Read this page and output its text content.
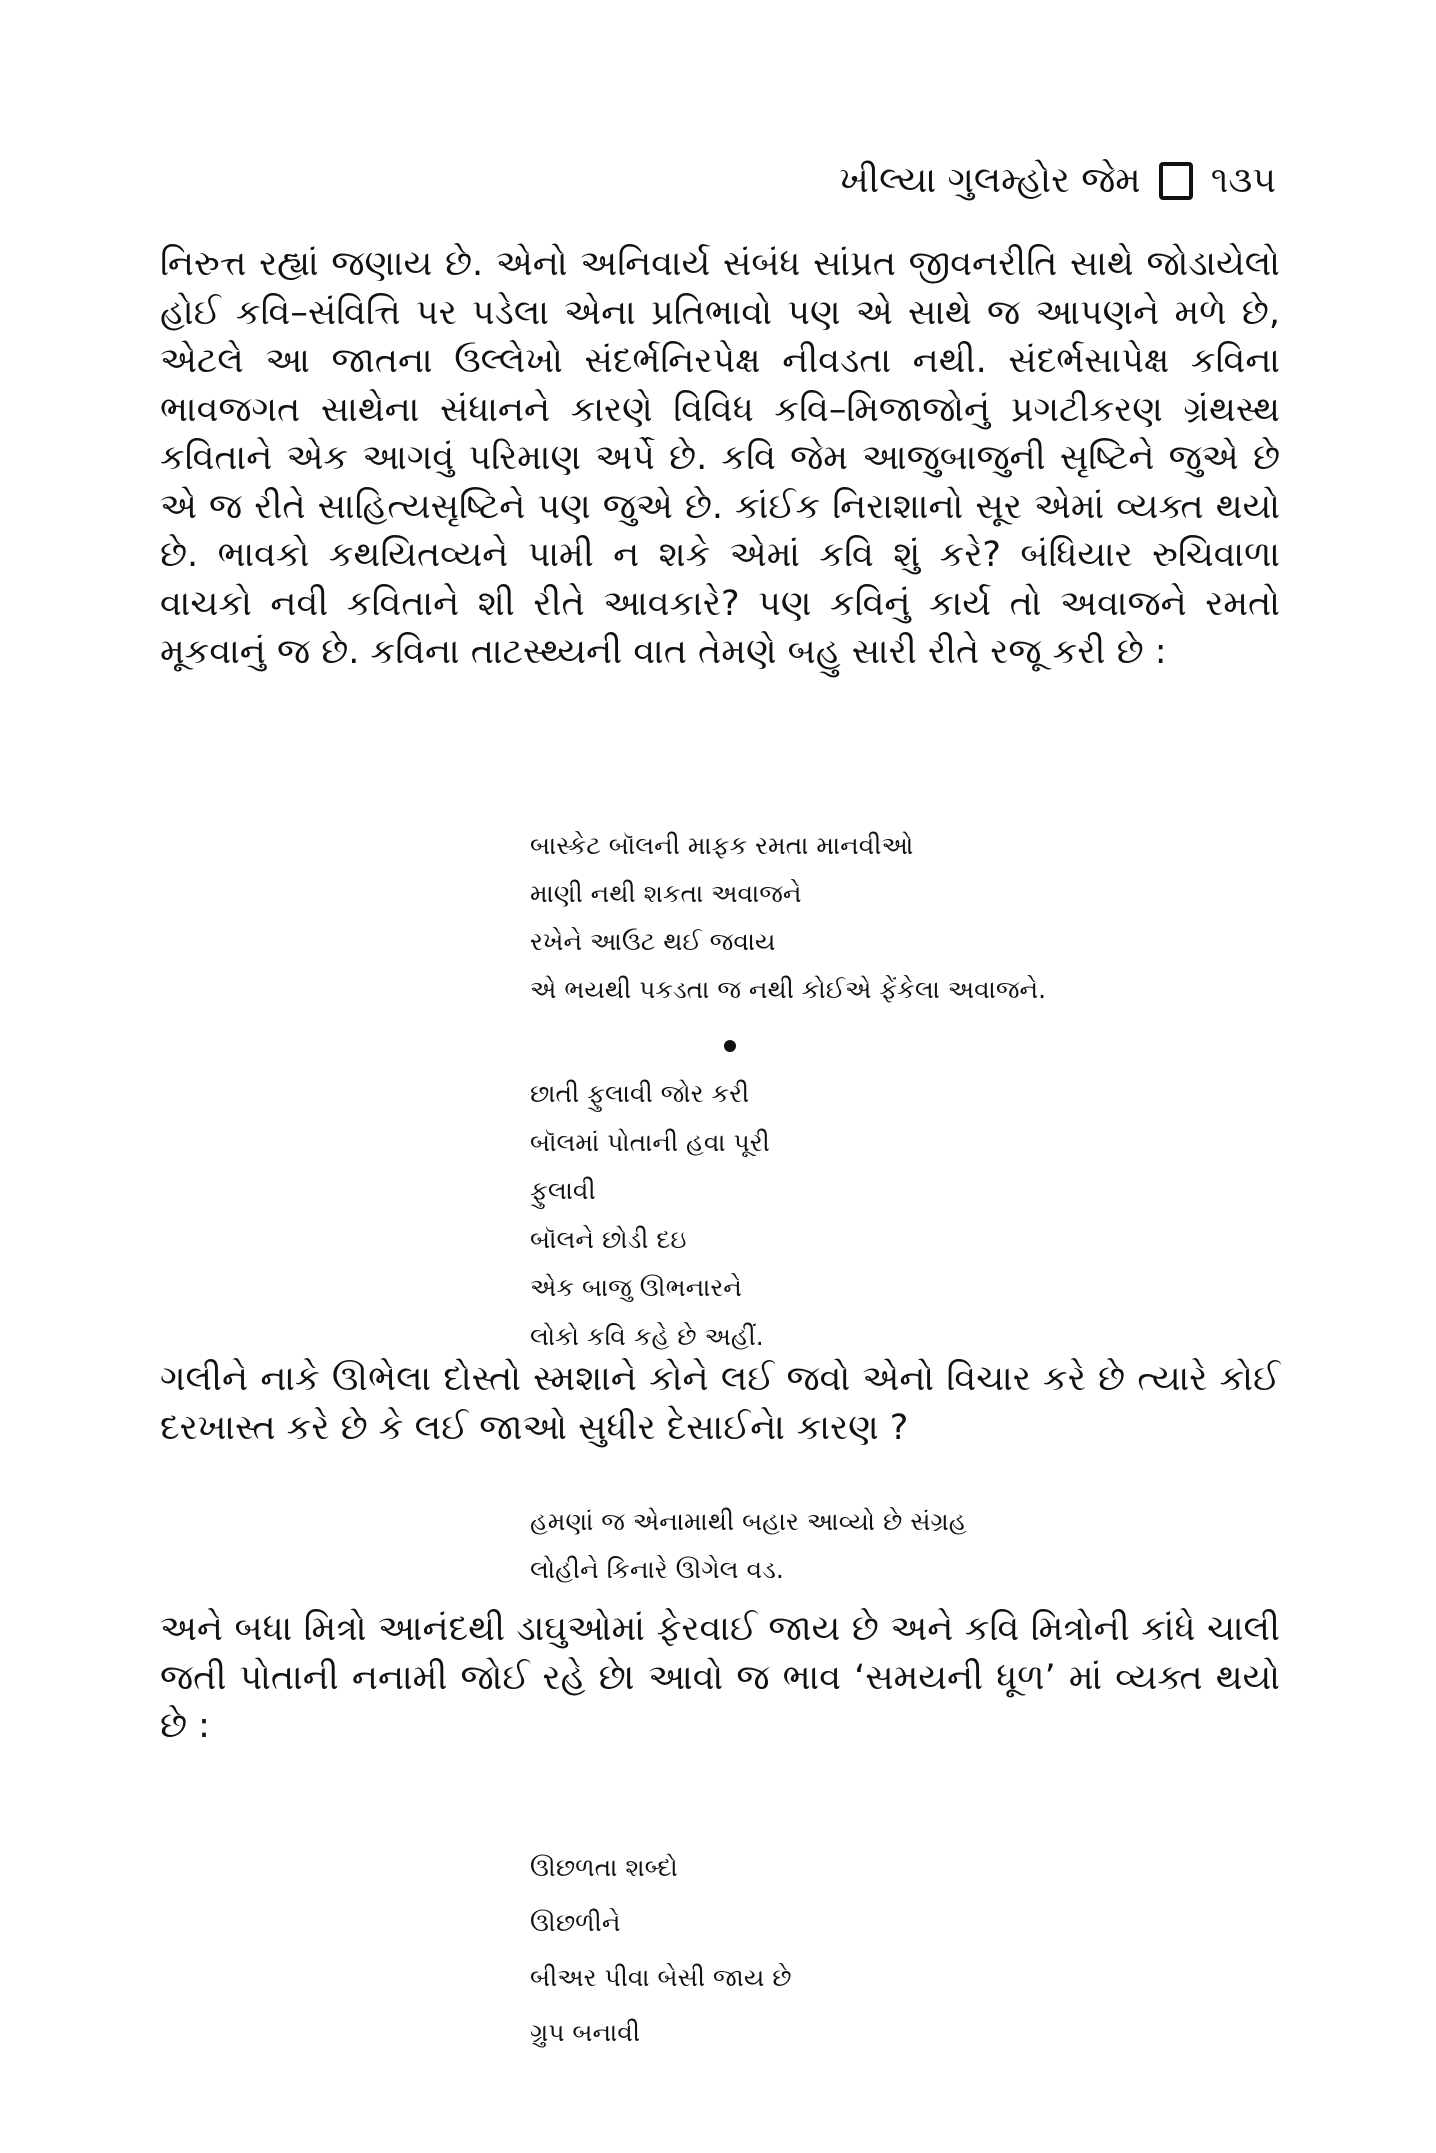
ખીલ્યા ગુલમ્હોર જેમ ૧૩૫

નિરુત્ત રહ્યાં જણાય છે. એનો અનિવાર્ય સંબંધ સાંપ્રત જીવનરીતિ સાથે જોડાયેલો હોઈ કવિ–સંવિત્તિ પર પડેલા એના પ્રતિભાવો પણ એ સાથે જ આપણને મળે છે, એટલે આ જાતના ઉલ્લેખો સંદર્ભનિરપેક્ષ નીવડતા નથી. સંદર્ભસાપેક્ષ કવિના ભાવજગત સાથેના સંધાનને કારણે વિવિધ કવિ–મિજાજોનું પ્રગટીકરણ ગ્રંથસ્થ કવિતાને એક આગવું પરિમાણ અર્પે છે. કવિ જેમ આજુબાજુની સૃષ્ટિને જુએ છે એ જ રીતે સાહિત્યસૃષ્ટિને પણ જુએ છે. કાંઈક નિરાશાનો સૂર એમાં વ્યક્ત થયો છે. ભાવકો કથયિતવ્યને પામી ન શકે એમાં કવિ શું કરે? બંધિયાર રુચિવાળા વાચકો નવી કવિતાને શી રીતે આવકારે? પણ કવિનું કાર્ય તો અવાજને રમતો મૂકવાનું જ છે. કવિના તાટસ્થ્યની વાત તેમણે બહુ સારી રીતે રજૂ કરી છે :

બાસ્કેટ બૉલની માફક રમતા માનવીઓ
માણી નથી શકતા અવાજને
રખેને આઉટ થઈ જવાય
એ ભયથી પકડતા જ નથી કોઈએ ફેંકેલા અવાજને.
છાતી ફુલાવી જોર કરી
બૉલમાં પોતાની હવા પૂરી
ફુલાવી
બૉલને છોડી દઇ
એક બાજુ ઊભનારને
લોકો કવિ કહે છે અહીં.

ગલીને નાકે ઊભેલા દોસ્તો સ્મશાને કોને લઈ જવો એનો વિચાર કરે છે ત્યારે કોઈ દરખાસ્ત કરે છે કે લઈ જાઓ સુધીર દેસાઈને। કારણ ?

હમણાં જ એનામાથી બહાર આવ્યો છે સંગ્રહ
લોહીને કિનારે ઊગેલ વડ.

અને બધા મિત્રો આનંદથી ડાઘુઓમાં ફેરવાઈ જાય છે અને કવિ મિત્રોની કાંધે ચાલી જતી પોતાની નનામી જોઈ રહે છે। આવો જ ભાવ ‘સમયની ધૂળ’ માં વ્યક્ત થયો છે :

ઊછળતા શબ્દો
ઊછળીને
બીઅર પીવા બેસી જાય છે
ગ્રુપ બનાવી
